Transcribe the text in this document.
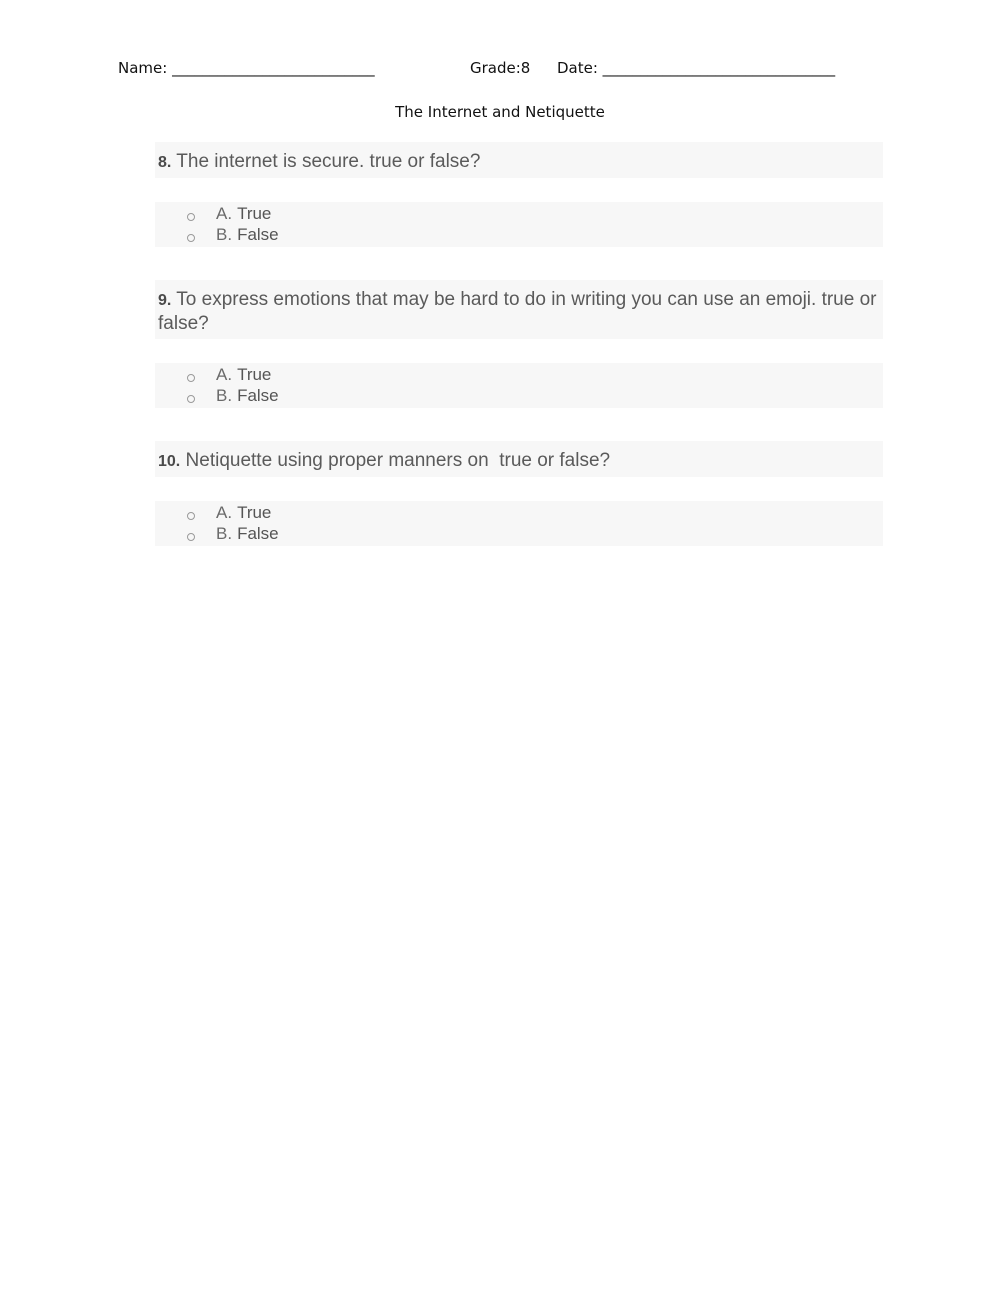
Name: ___________________________	Grade:8 Date: _______________________________
The Internet and Netiquette
8. The internet is secure. true or false?
A. True
B. False
9. To express emotions that may be hard to do in writing you can use an emoji. true or false?
A. True
B. False
10. Netiquette using proper manners on  true or false?
A. True
B. False
